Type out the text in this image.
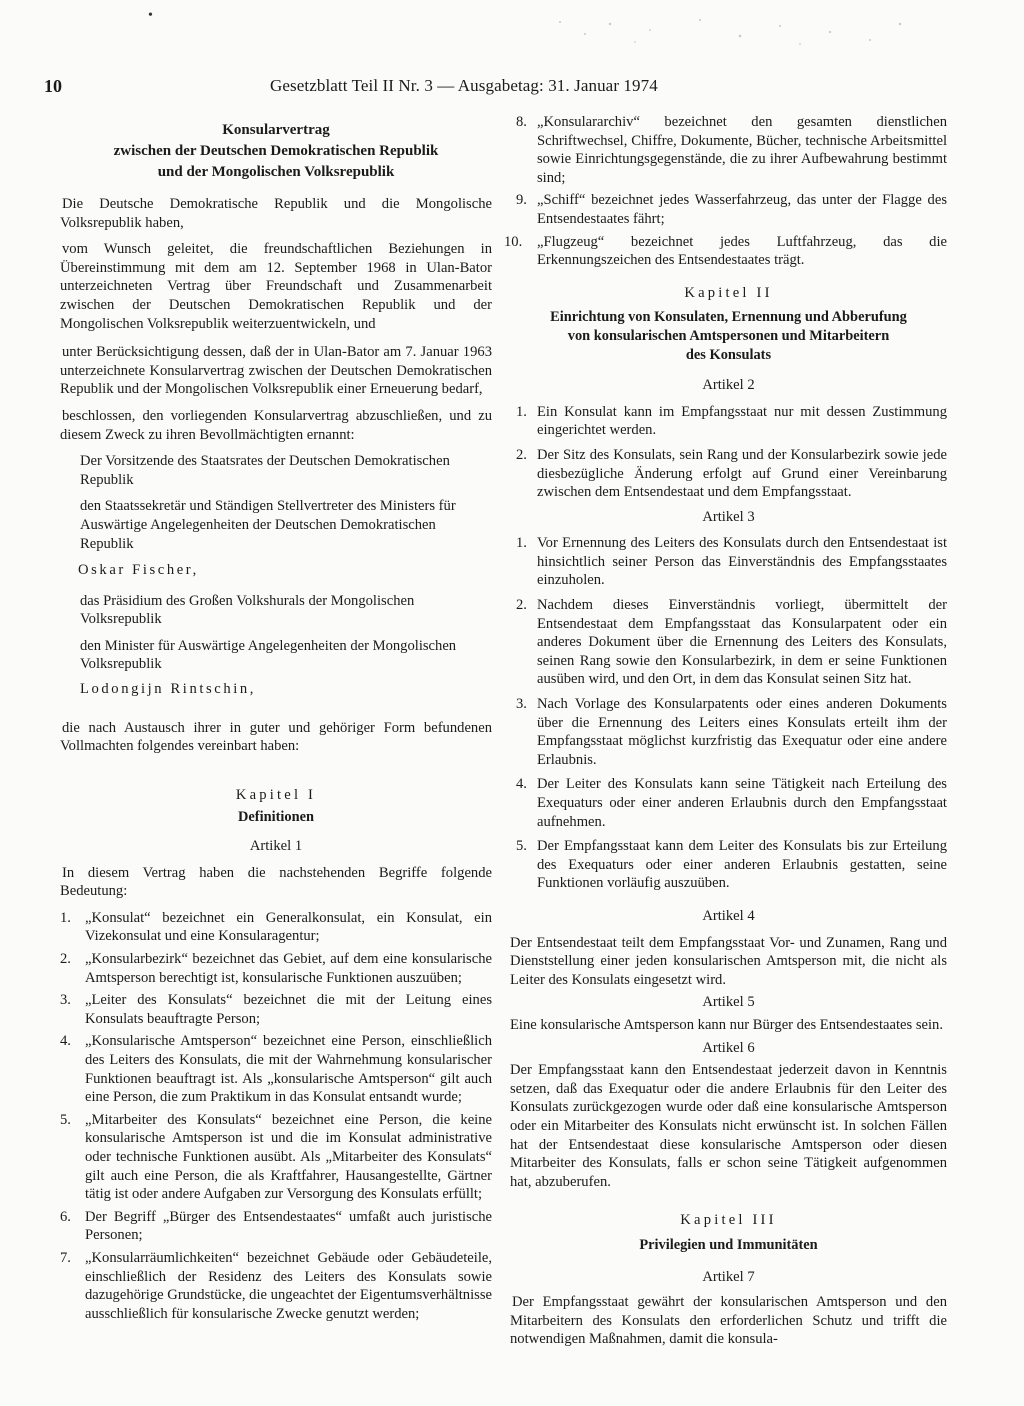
•
10	Gesetzblatt Teil II Nr. 3 — Ausgabetag: 31. Januar 1974
Konsularvertrag
zwischen der Deutschen Demokratischen Republik
und der Mongolischen Volksrepublik

Die Deutsche Demokratische Republik und die Mongolische Volksrepublik haben,

vom Wunsch geleitet, die freundschaftlichen Beziehungen in Übereinstimmung mit dem am 12. September 1968 in Ulan-Bator unterzeichneten Vertrag über Freundschaft und Zusammenarbeit zwischen der Deutschen Demokratischen Republik und der Mongolischen Volksrepublik weiterzuentwickeln, und

unter Berücksichtigung dessen, daß der in Ulan-Bator am 7. Januar 1963 unterzeichnete Konsularvertrag zwischen der Deutschen Demokratischen Republik und der Mongolischen Volksrepublik einer Erneuerung bedarf,

beschlossen, den vorliegenden Konsularvertrag abzuschließen, und zu diesem Zweck zu ihren Bevollmächtigten ernannt:

Der Vorsitzende des Staatsrates der Deutschen Demokratischen Republik

den Staatssekretär und Ständigen Stellvertreter des Ministers für Auswärtige Angelegenheiten der Deutschen Demokratischen Republik

Oskar Fischer,

das Präsidium des Großen Volkshurals der Mongolischen Volksrepublik

den Minister für Auswärtige Angelegenheiten der Mongolischen Volksrepublik

Lodongijn Rintschin,

die nach Austausch ihrer in guter und gehöriger Form befundenen Vollmachten folgendes vereinbart haben:

Kapitel I
Definitionen
Artikel 1

In diesem Vertrag haben die nachstehenden Begriffe folgende Bedeutung:

1. „Konsulat“ bezeichnet ein Generalkonsulat, ein Konsulat, ein Vizekonsulat und eine Konsularagentur;
2. „Konsularbezirk“ bezeichnet das Gebiet, auf dem eine konsularische Amtsperson berechtigt ist, konsularische Funktionen auszuüben;
3. „Leiter des Konsulats“ bezeichnet die mit der Leitung eines Konsulats beauftragte Person;
4. „Konsularische Amtsperson“ bezeichnet eine Person, einschließlich des Leiters des Konsulats, die mit der Wahrnehmung konsularischer Funktionen beauftragt ist. Als „konsularische Amtsperson“ gilt auch eine Person, die zum Praktikum in das Konsulat entsandt wurde;
5. „Mitarbeiter des Konsulats“ bezeichnet eine Person, die keine konsularische Amtsperson ist und die im Konsulat administrative oder technische Funktionen ausübt. Als „Mitarbeiter des Konsulats“ gilt auch eine Person, die als Kraftfahrer, Hausangestellte, Gärtner tätig ist oder andere Aufgaben zur Versorgung des Konsulats erfüllt;
6. Der Begriff „Bürger des Entsendestaates“ umfaßt auch juristische Personen;
7. „Konsularräumlichkeiten“ bezeichnet Gebäude oder Gebäudeteile, einschließlich der Residenz des Leiters des Konsulats sowie dazugehörige Grundstücke, die ungeachtet der Eigentumsverhältnisse ausschließlich für konsularische Zwecke genutzt werden;
8. „Konsulararchiv“ bezeichnet den gesamten dienstlichen Schriftwechsel, Chiffre, Dokumente, Bücher, technische Arbeitsmittel sowie Einrichtungsgegenstände, die zu ihrer Aufbewahrung bestimmt sind;
9. „Schiff“ bezeichnet jedes Wasserfahrzeug, das unter der Flagge des Entsendestaates fährt;
10. „Flugzeug“ bezeichnet jedes Luftfahrzeug, das die Erkennungszeichen des Entsendestaates trägt.
Kapitel II
Einrichtung von Konsulaten, Ernennung und Abberufung
von konsularischen Amtspersonen und Mitarbeitern
des Konsulats
Artikel 2
1. Ein Konsulat kann im Empfangsstaat nur mit dessen Zustimmung eingerichtet werden.
2. Der Sitz des Konsulats, sein Rang und der Konsularbezirk sowie jede diesbezügliche Änderung erfolgt auf Grund einer Vereinbarung zwischen dem Entsendestaat und dem Empfangsstaat.
Artikel 3
1. Vor Ernennung des Leiters des Konsulats durch den Entsendestaat ist hinsichtlich seiner Person das Einverständnis des Empfangsstaates einzuholen.
2. Nachdem dieses Einverständnis vorliegt, übermittelt der Entsendestaat dem Empfangsstaat das Konsularpatent oder ein anderes Dokument über die Ernennung des Leiters des Konsulats, seinen Rang sowie den Konsularbezirk, in dem er seine Funktionen ausüben wird, und den Ort, in dem das Konsulat seinen Sitz hat.
3. Nach Vorlage des Konsularpatents oder eines anderen Dokuments über die Ernennung des Leiters eines Konsulats erteilt ihm der Empfangsstaat möglichst kurzfristig das Exequatur oder eine andere Erlaubnis.
4. Der Leiter des Konsulats kann seine Tätigkeit nach Erteilung des Exequaturs oder einer anderen Erlaubnis durch den Empfangsstaat aufnehmen.
5. Der Empfangsstaat kann dem Leiter des Konsulats bis zur Erteilung des Exequaturs oder einer anderen Erlaubnis gestatten, seine Funktionen vorläufig auszuüben.
Artikel 4

Der Entsendestaat teilt dem Empfangsstaat Vor- und Zunamen, Rang und Dienststellung einer jeden konsularischen Amtsperson mit, die nicht als Leiter des Konsulats eingesetzt wird.

Artikel 5

Eine konsularische Amtsperson kann nur Bürger des Entsendestaates sein.

Artikel 6

Der Empfangsstaat kann den Entsendestaat jederzeit davon in Kenntnis setzen, daß das Exequatur oder die andere Erlaubnis für den Leiter des Konsulats zurückgezogen wurde oder daß eine konsularische Amtsperson oder ein Mitarbeiter des Konsulats nicht erwünscht ist. In solchen Fällen hat der Entsendestaat diese konsularische Amtsperson oder diesen Mitarbeiter des Konsulats, falls er schon seine Tätigkeit aufgenommen hat, abzuberufen.

Kapitel III
Privilegien und Immunitäten
Artikel 7

Der Empfangsstaat gewährt der konsularischen Amtsperson und den Mitarbeitern des Konsulats den erforderlichen Schutz und trifft die notwendigen Maßnahmen, damit die konsula-
